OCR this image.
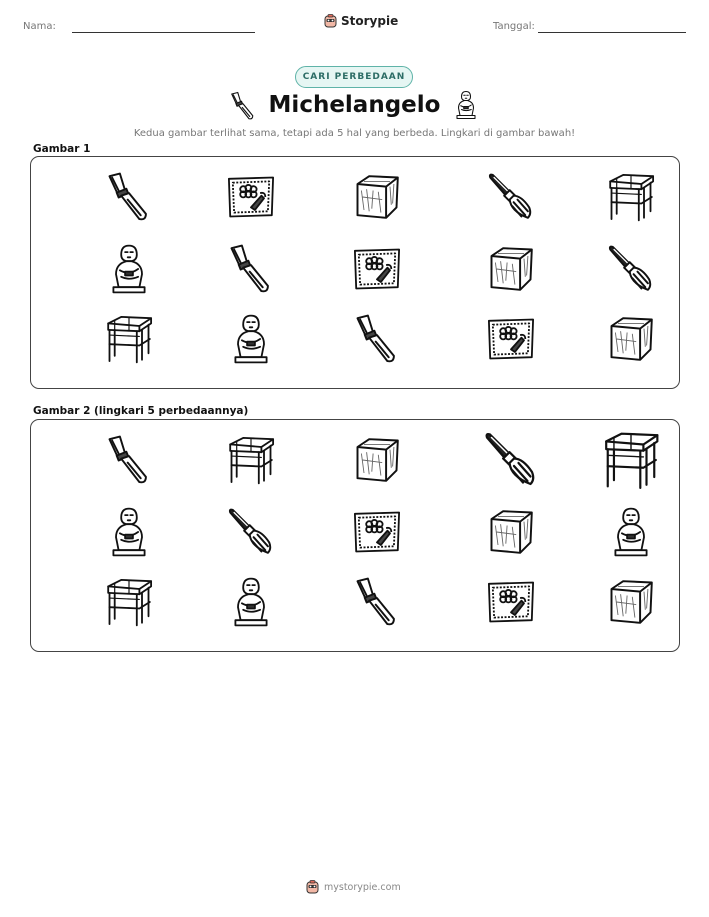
Nama:	Storypie	Tanggal:
CARI PERBEDAAN
Michelangelo
Kedua gambar terlihat sama, tetapi ada 5 hal yang berbeda. Lingkari di gambar bawah!
Gambar 1
Gambar 2 (lingkari 5 perbedaannya)
mystorypie.com
